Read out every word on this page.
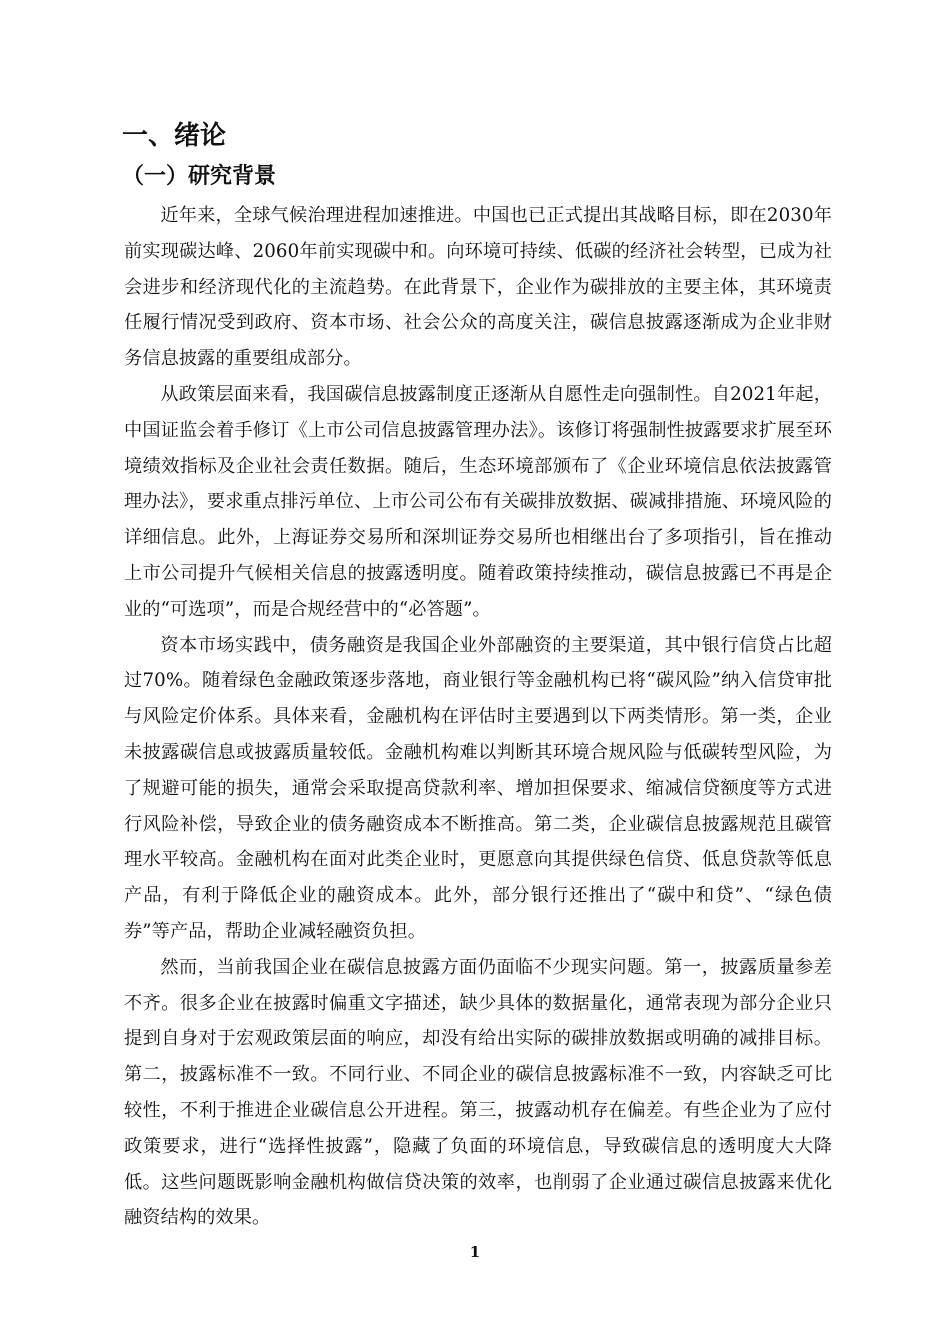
一、绪论
（一）研究背景

近年来，全球气候治理进程加速推进。中国也已正式提出其战略目标，即在2030年前实现碳达峰、2060年前实现碳中和。向环境可持续、低碳的经济社会转型，已成为社会进步和经济现代化的主流趋势。在此背景下，企业作为碳排放的主要主体，其环境责任履行情况受到政府、资本市场、社会公众的高度关注，碳信息披露逐渐成为企业非财务信息披露的重要组成部分。

从政策层面来看，我国碳信息披露制度正逐渐从自愿性走向强制性。自2021年起，中国证监会着手修订《上市公司信息披露管理办法》。该修订将强制性披露要求扩展至环境绩效指标及企业社会责任数据。随后，生态环境部颁布了《企业环境信息依法披露管理办法》，要求重点排污单位、上市公司公布有关碳排放数据、碳减排措施、环境风险的详细信息。此外，上海证券交易所和深圳证券交易所也相继出台了多项指引，旨在推动上市公司提升气候相关信息的披露透明度。随着政策持续推动，碳信息披露已不再是企业的“可选项”，而是合规经营中的“必答题”。

资本市场实践中，债务融资是我国企业外部融资的主要渠道，其中银行信贷占比超过70%。随着绿色金融政策逐步落地，商业银行等金融机构已将“碳风险”纳入信贷审批与风险定价体系。具体来看，金融机构在评估时主要遇到以下两类情形。第一类，企业未披露碳信息或披露质量较低。金融机构难以判断其环境合规风险与低碳转型风险，为了规避可能的损失，通常会采取提高贷款利率、增加担保要求、缩减信贷额度等方式进行风险补偿，导致企业的债务融资成本不断推高。第二类，企业碳信息披露规范且碳管理水平较高。金融机构在面对此类企业时，更愿意向其提供绿色信贷、低息贷款等低息产品，有利于降低企业的融资成本。此外，部分银行还推出了“碳中和贷”、“绿色债券”等产品，帮助企业减轻融资负担。

然而，当前我国企业在碳信息披露方面仍面临不少现实问题。第一，披露质量参差不齐。很多企业在披露时偏重文字描述，缺少具体的数据量化，通常表现为部分企业只提到自身对于宏观政策层面的响应，却没有给出实际的碳排放数据或明确的减排目标。第二，披露标准不一致。不同行业、不同企业的碳信息披露标准不一致，内容缺乏可比较性，不利于推进企业碳信息公开进程。第三，披露动机存在偏差。有些企业为了应付政策要求，进行“选择性披露”，隐藏了负面的环境信息，导致碳信息的透明度大大降低。这些问题既影响金融机构做信贷决策的效率，也削弱了企业通过碳信息披露来优化融资结构的效果。

1
